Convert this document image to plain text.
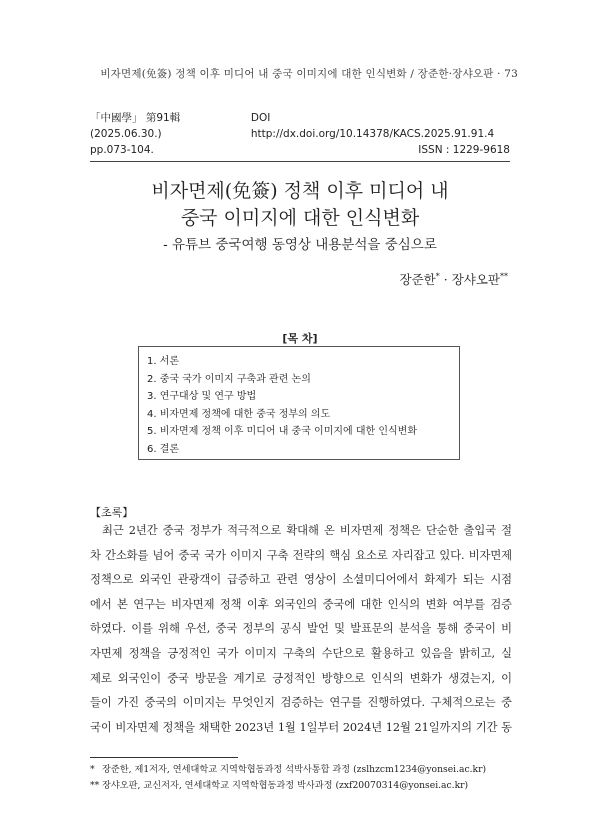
비자면제(免簽) 정책 이후 미디어 내 중국 이미지에 대한 인식변화 / 장준한·장샤오판 · 73
「中國學」 第91輯 (2025.06.30.)
DOI http://dx.doi.org/10.14378/KACS.2025.91.91.4
pp.073-104.	ISSN : 1229-9618
비자면제(免簽) 정책 이후 미디어 내
중국 이미지에 대한 인식변화
- 유튜브 중국여행 동영상 내용분석을 중심으로
장준한* · 장샤오판**
[목 차]
1. 서론
2. 중국 국가 이미지 구축과 관련 논의
3. 연구대상 및 연구 방법
4. 비자면제 정책에 대한 중국 정부의 의도
5. 비자면제 정책 이후 미디어 내 중국 이미지에 대한 인식변화
6. 결론
【초록】
최근 2년간 중국 정부가 적극적으로 확대해 온 비자면제 정책은 단순한 출입국 절
차 간소화를 넘어 중국 국가 이미지 구축 전략의 핵심 요소로 자리잡고 있다. 비자면제
정책으로 외국인 관광객이 급증하고 관련 영상이 소셜미디어에서 화제가 되는 시점
에서 본 연구는 비자면제 정책 이후 외국인의 중국에 대한 인식의 변화 여부를 검증
하였다. 이를 위해 우선, 중국 정부의 공식 발언 및 발표문의 분석을 통해 중국이 비
자면제 정책을 긍정적인 국가 이미지 구축의 수단으로 활용하고 있음을 밝히고, 실
제로 외국인이 중국 방문을 계기로 긍정적인 방향으로 인식의 변화가 생겼는지, 이
들이 가진 중국의 이미지는 무엇인지 검증하는 연구를 진행하였다. 구체적으로는 중
국이 비자면제 정책을 채택한 2023년 1월 1일부터 2024년 12월 21일까지의 기간 동
* 장준한, 제1저자, 연세대학교 지역학협동과정 석박사통합 과정 (zslhzcm1234@yonsei.ac.kr)
** 장샤오판, 교신저자, 연세대학교 지역학협동과정 박사과정 (zxf20070314@yonsei.ac.kr)
